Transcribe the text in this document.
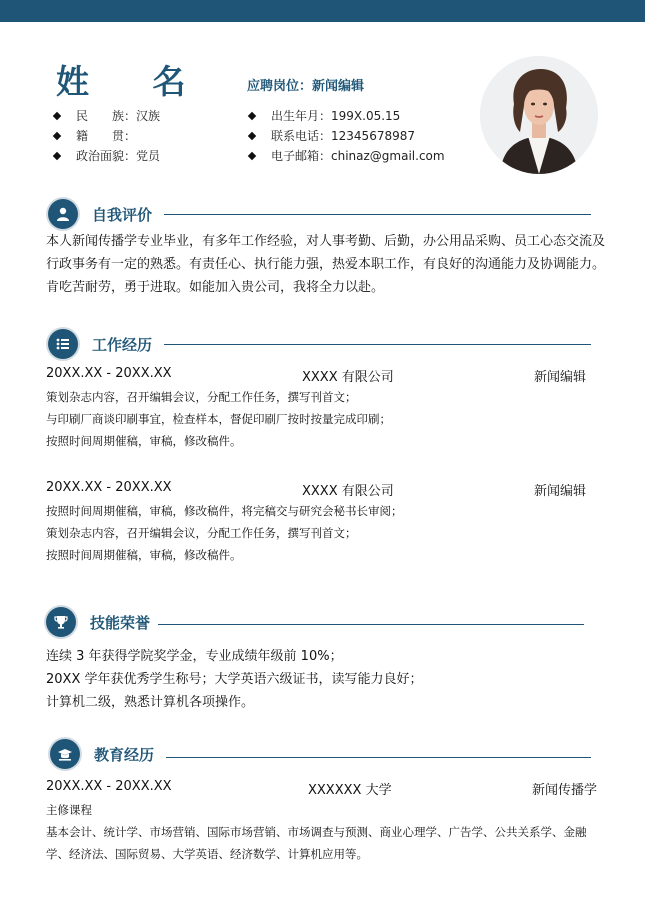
姓 名	应聘岗位：新闻编辑
民　　族： 汉族
籍　　贯：
政治面貌： 党员
出生年月： 199X.05.15
联系电话： 12345678987
电子邮箱： chinaz@gmail.com
自我评价
本人新闻传播学专业毕业，有多年工作经验，对人事考勤、后勤，办公用品采购、员工心态交流及行政事务有一定的熟悉。有责任心、执行能力强，热爱本职工作，有良好的沟通能力及协调能力。肯吃苦耐劳，勇于进取。如能加入贵公司，我将全力以赴。
工作经历
20XX.XX - 20XX.XX	XXXX 有限公司	新闻编辑
策划杂志内容，召开编辑会议，分配工作任务，撰写刊首文；
与印刷厂商谈印刷事宜，检查样本，督促印刷厂按时按量完成印刷；
按照时间周期催稿，审稿，修改稿件。
20XX.XX - 20XX.XX	XXXX 有限公司	新闻编辑
按照时间周期催稿，审稿，修改稿件，将完稿交与研究会秘书长审阅；
策划杂志内容，召开编辑会议，分配工作任务，撰写刊首文；
按照时间周期催稿，审稿，修改稿件。
技能荣誉
连续 3 年获得学院奖学金，专业成绩年级前 10%；
20XX 学年获优秀学生称号；大学英语六级证书，读写能力良好；
计算机二级，熟悉计算机各项操作。
教育经历
20XX.XX - 20XX.XX	XXXXXX 大学	新闻传播学
主修课程
基本会计、统计学、市场营销、国际市场营销、市场调查与预测、商业心理学、广告学、公共关系学、金融
学、经济法、国际贸易、大学英语、经济数学、计算机应用等。
